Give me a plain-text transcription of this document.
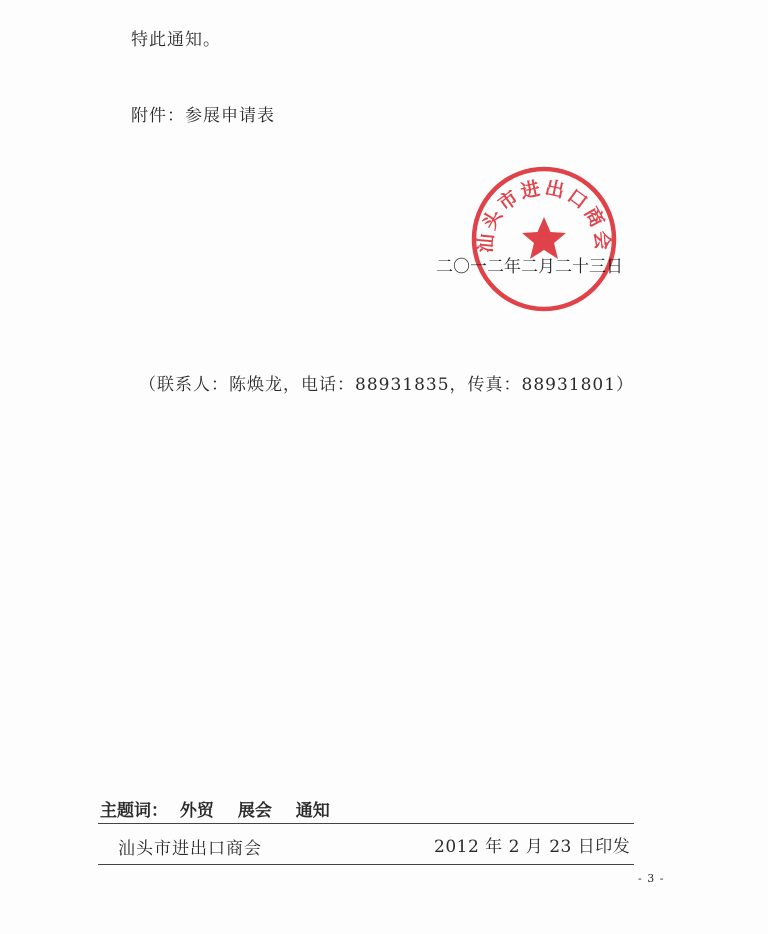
特此通知。
附件：参展申请表
二〇一二年二月二十三日
汕头市进出口商会
（联系人：陈焕龙，电话：88931835，传真：88931801）
主题词： 外贸 展会 通知
汕头市进出口商会	2012 年 2 月 23 日印发
- 3 -
